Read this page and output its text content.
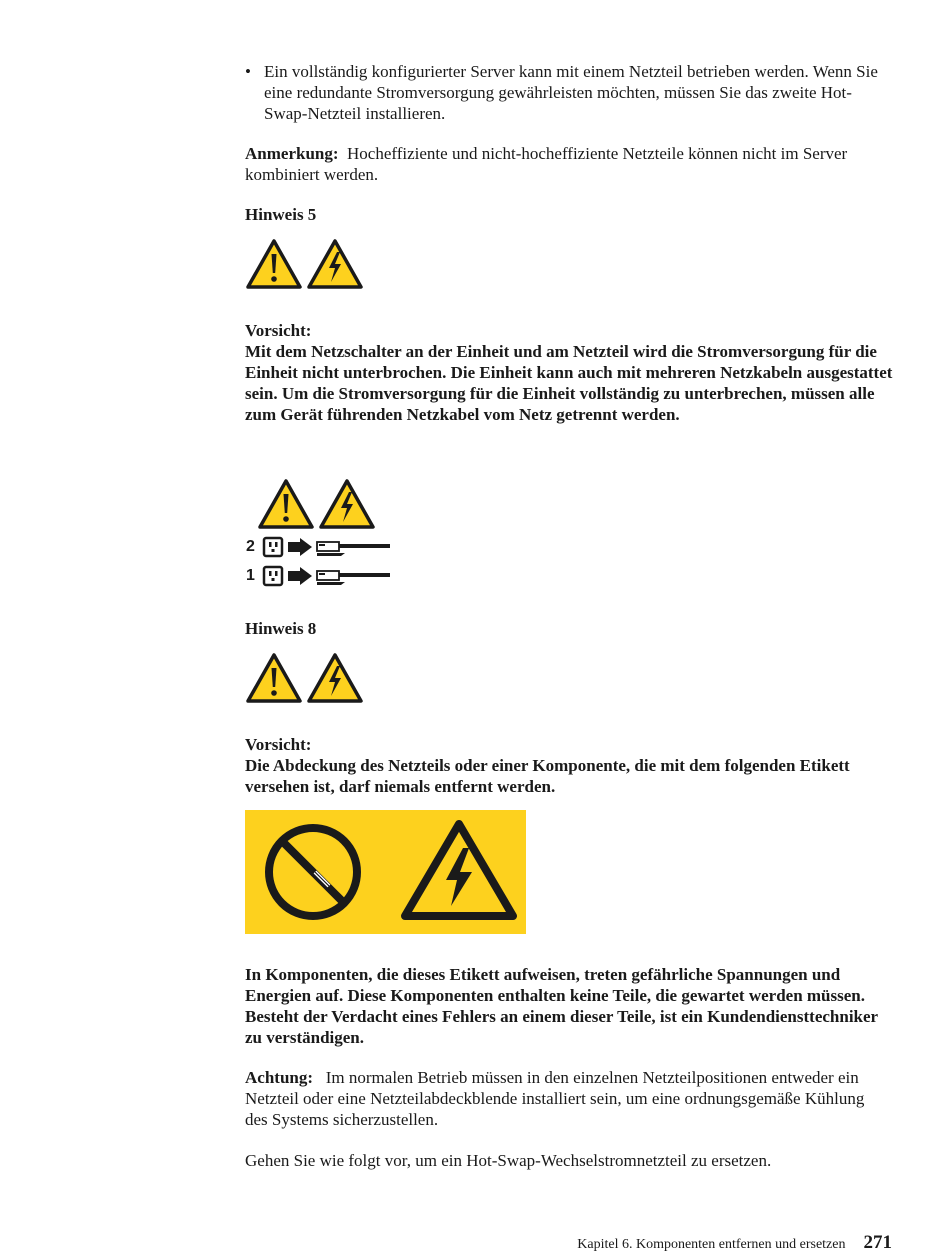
• Ein vollständig konfigurierter Server kann mit einem Netzteil betrieben werden. Wenn Sie eine redundante Stromversorgung gewährleisten möchten, müssen Sie das zweite Hot-Swap-Netzteil installieren.

Anmerkung: Hocheffiziente und nicht-hocheffiziente Netzteile können nicht im Server kombiniert werden.

Hinweis 5

Vorsicht:

Mit dem Netzschalter an der Einheit und am Netzteil wird die Stromversorgung für die Einheit nicht unterbrochen. Die Einheit kann auch mit mehreren Netzkabeln ausgestattet sein. Um die Stromversorgung für die Einheit vollständig zu unterbrechen, müssen alle zum Gerät führenden Netzkabel vom Netz getrennt werden.

2
1

Hinweis 8

Vorsicht:

Die Abdeckung des Netzteils oder einer Komponente, die mit dem folgenden Etikett versehen ist, darf niemals entfernt werden.

In Komponenten, die dieses Etikett aufweisen, treten gefährliche Spannungen und Energien auf. Diese Komponenten enthalten keine Teile, die gewartet werden müssen. Besteht der Verdacht eines Fehlers an einem dieser Teile, ist ein Kundendiensttechniker zu verständigen.

Achtung: Im normalen Betrieb müssen in den einzelnen Netzteilpositionen entweder ein Netzteil oder eine Netzteilabdeckblende installiert sein, um eine ordnungsgemäße Kühlung des Systems sicherzustellen.

Gehen Sie wie folgt vor, um ein Hot-Swap-Wechselstromnetzteil zu ersetzen.

Kapitel 6. Komponenten entfernen und ersetzen 271
